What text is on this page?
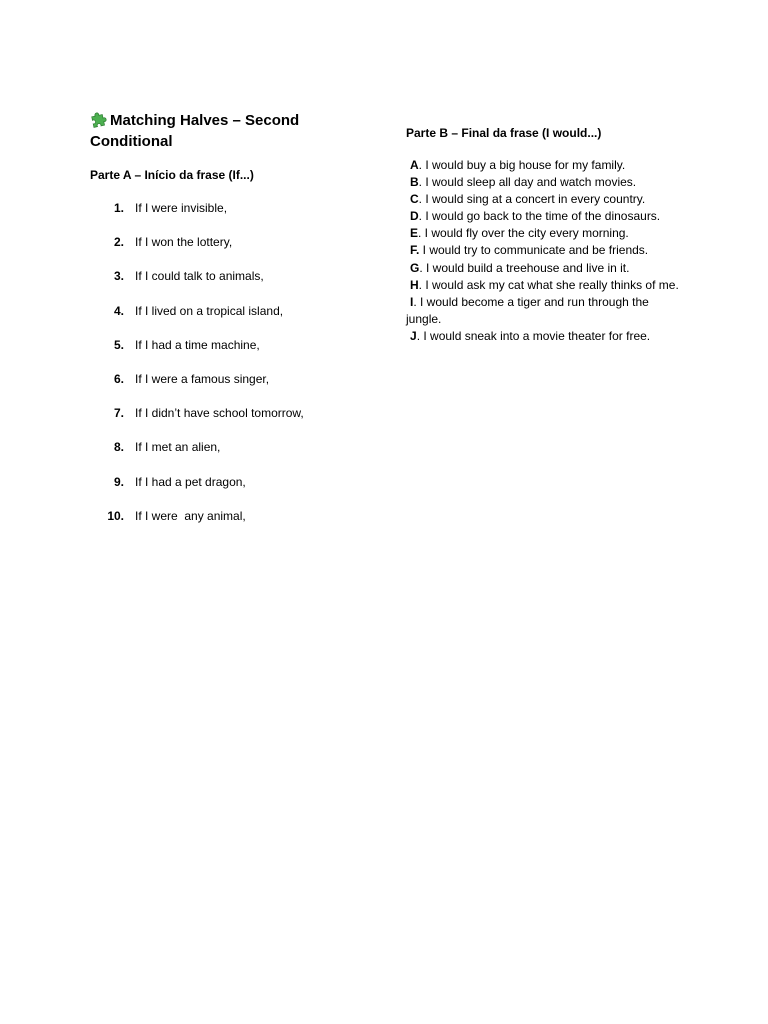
Matching Halves – Second Conditional

Parte A – Início da frase (If...)

1. If I were invisible,
2. If I won the lottery,
3. If I could talk to animals,
4. If I lived on a tropical island,
5. If I had a time machine,
6. If I were a famous singer,
7. If I didn’t have school tomorrow,
8. If I met an alien,
9. If I had a pet dragon,
10. If I were  any animal,

Parte B – Final da frase (I would...)

A. I would buy a big house for my family.
B. I would sleep all day and watch movies.
C. I would sing at a concert in every country.
D. I would go back to the time of the dinosaurs.
E. I would fly over the city every morning.
F. I would try to communicate and be friends.
G. I would build a treehouse and live in it.
H. I would ask my cat what she really thinks of me.
I. I would become a tiger and run through the jungle.
J. I would sneak into a movie theater for free.
